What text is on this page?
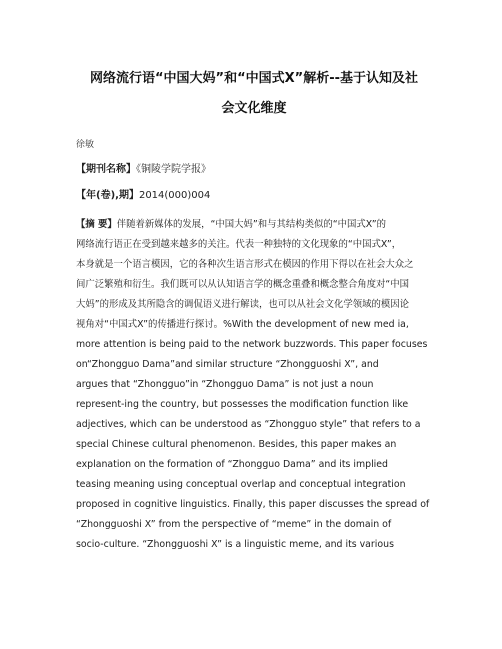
网络流行语“中国大妈”和“中国式X”解析--基于认知及社
会文化维度
徐敏
【期刊名称】《铜陵学院学报》
【年(卷),期】2014(000)004
【摘 要】伴随着新媒体的发展，“中国大妈”和与其结构类似的“中国式X”的
网络流行语正在受到越来越多的关注。代表一种独特的文化现象的“中国式X”，
本身就是一个语言模因，它的各种次生语言形式在模因的作用下得以在社会大众之
间广泛繁殖和衍生。我们既可以从认知语言学的概念重叠和概念整合角度对“中国
大妈”的形成及其所隐含的调侃语义进行解读，也可以从社会文化学领域的模因论
视角对“中国式X”的传播进行探讨。%With the development of new med ia,
more attention is being paid to the network buzzwords. This paper focuses
on“Zhongguo Dama”and similar structure “Zhongguoshi X”, and
argues that “Zhongguo”in “Zhongguo Dama” is not just a noun
represent-ing the country, but possesses the modification function like
adjectives, which can be understood as “Zhongguo style” that refers to a
special Chinese cultural phenomenon. Besides, this paper makes an
explanation on the formation of “Zhongguo Dama” and its implied
teasing meaning using conceptual overlap and conceptual integration
proposed in cognitive linguistics. Finally, this paper discusses the spread of
“Zhongguoshi X” from the perspective of “meme” in the domain of
socio-culture. “Zhongguoshi X” is a linguistic meme, and its various
